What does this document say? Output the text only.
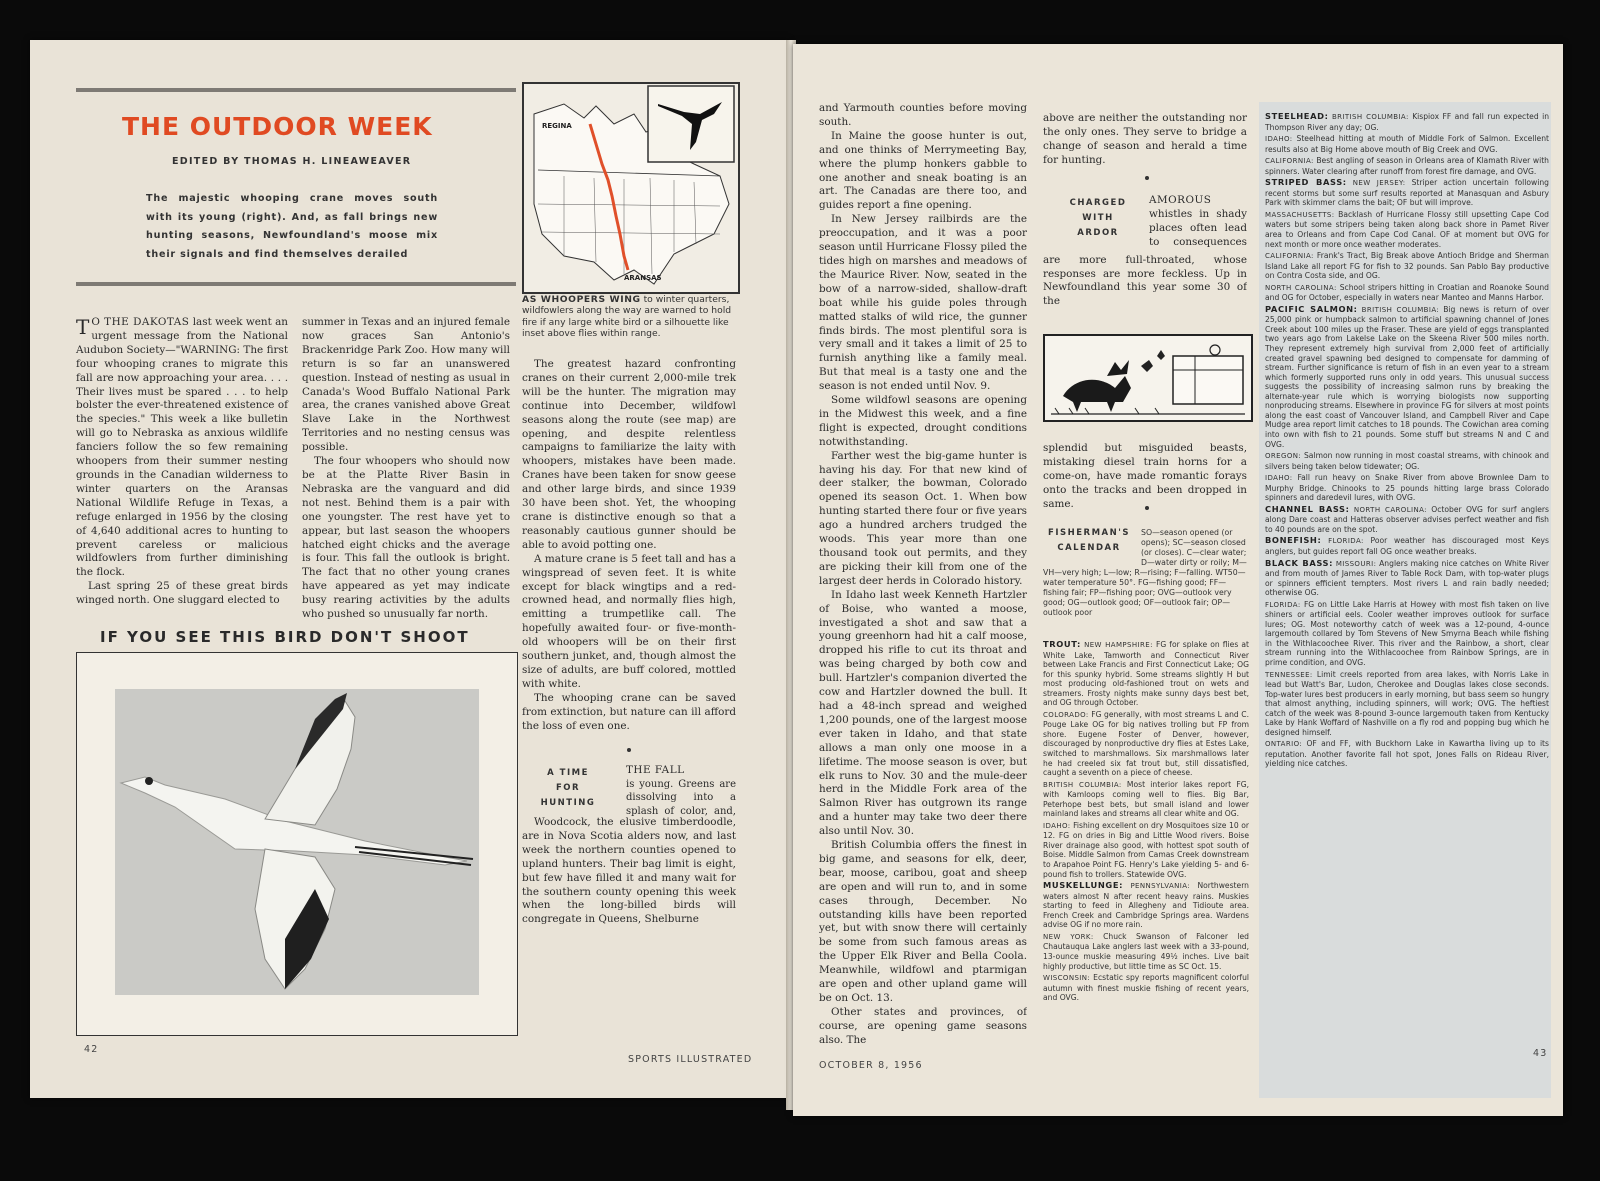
THE OUTDOOR WEEK
EDITED BY THOMAS H. LINEAWEAVER
The majestic whooping crane moves south with its young (right). And, as fall brings new hunting seasons, Newfoundland's moose mix their signals and find themselves derailed
REGINA
ARANSAS
AS WHOOPERS WING to winter quarters, wildfowlers along the way are warned to hold fire if any large white bird or a silhouette like inset above flies within range.

T O THE DAKOTAS last week went an urgent message from the National Audubon Society—"WARNING: The first four whooping cranes to migrate this fall are now approaching your area. . . . Their lives must be spared . . . to help bolster the ever-threatened existence of the species." This week a like bulletin will go to Nebraska as anxious wildlife fanciers follow the so few remaining whoopers from their summer nesting grounds in the Canadian wilderness to winter quarters on the Aransas National Wildlife Refuge in Texas, a refuge enlarged in 1956 by the closing of 4,640 additional acres to hunting to prevent careless or malicious wildfowlers from further diminishing the flock.

Last spring 25 of these great birds winged north. One sluggard elected to

summer in Texas and an injured female now graces San Antonio's Brackenridge Park Zoo. How many will return is so far an unanswered question. Instead of nesting as usual in Canada's Wood Buffalo National Park area, the cranes vanished above Great Slave Lake in the Northwest Territories and no nesting census was possible.

The four whoopers who should now be at the Platte River Basin in Nebraska are the vanguard and did not nest. Behind them is a pair with one youngster. The rest have yet to appear, but last season the whoopers hatched eight chicks and the average is four. This fall the outlook is bright. The fact that no other young cranes have appeared as yet may indicate busy rearing activities by the adults who pushed so unusually far north.

IF YOU SEE THIS BIRD DON'T SHOOT

The greatest hazard confronting cranes on their current 2,000-mile trek will be the hunter. The migration may continue into December, wildfowl seasons along the route (see map) are opening, and despite relentless campaigns to familiarize the laity with whoopers, mistakes have been made. Cranes have been taken for snow geese and other large birds, and since 1939 30 have been shot. Yet, the whooping crane is distinctive enough so that a reasonably cautious gunner should be able to avoid potting one.

A mature crane is 5 feet tall and has a wingspread of seven feet. It is white except for black wingtips and a red-crowned head, and normally flies high, emitting a trumpetlike call. The hopefully awaited four- or five-month-old whoopers will be on their first southern junket, and, though almost the size of adults, are buff colored, mottled with white.

The whooping crane can be saved from extinction, but nature can ill afford the loss of even one.

A TIME FOR HUNTING

THE FALL

is young. Greens are dissolving into a splash of color, and,

Woodcock, the elusive timberdoodle, are in Nova Scotia alders now, and last week the northern counties opened to upland hunters. Their bag limit is eight, but few have filled it and many wait for the southern county opening this week when the long-billed birds will congregate in Queens, Shelburne

42
SPORTS ILLUSTRATED

and Yarmouth counties before moving south.

In Maine the goose hunter is out, and one thinks of Merrymeeting Bay, where the plump honkers gabble to one another and sneak boating is an art. The Canadas are there too, and guides report a fine opening.

In New Jersey railbirds are the preoccupation, and it was a poor season until Hurricane Flossy piled the tides high on marshes and meadows of the Maurice River. Now, seated in the bow of a narrow-sided, shallow-draft boat while his guide poles through matted stalks of wild rice, the gunner finds birds. The most plentiful sora is very small and it takes a limit of 25 to furnish anything like a family meal. But that meal is a tasty one and the season is not ended until Nov. 9.

Some wildfowl seasons are opening in the Midwest this week, and a fine flight is expected, drought conditions notwithstanding.

Farther west the big-game hunter is having his day. For that new kind of deer stalker, the bowman, Colorado opened its season Oct. 1. When bow hunting started there four or five years ago a hundred archers trudged the woods. This year more than one thousand took out permits, and they are picking their kill from one of the largest deer herds in Colorado history.

In Idaho last week Kenneth Hartzler of Boise, who wanted a moose, investigated a shot and saw that a young greenhorn had hit a calf moose, dropped his rifle to cut its throat and was being charged by both cow and bull. Hartzler's companion diverted the cow and Hartzler downed the bull. It had a 48-inch spread and weighed 1,200 pounds, one of the largest moose ever taken in Idaho, and that state allows a man only one moose in a lifetime. The moose season is over, but elk runs to Nov. 30 and the mule-deer herd in the Middle Fork area of the Salmon River has outgrown its range and a hunter may take two deer there also until Nov. 30.

British Columbia offers the finest in big game, and seasons for elk, deer, bear, moose, caribou, goat and sheep are open and will run to, and in some cases through, December. No outstanding kills have been reported yet, but with snow there will certainly be some from such famous areas as the Upper Elk River and Bella Coola. Meanwhile, wildfowl and ptarmigan are open and other upland game will be on Oct. 13.

Other states and provinces, of course, are opening game seasons also. The

above are neither the outstanding nor the only ones. They serve to bridge a change of season and herald a time for hunting.

CHARGED WITH ARDOR

AMOROUS whistles in shady places often lead to consequences

are more full-throated, whose responses are more feckless. Up in Newfoundland this year some 30 of the

splendid but misguided beasts, mistaking diesel train horns for a come-on, have made romantic forays onto the tracks and been dropped in same.

FISHERMAN'S CALENDAR
SO—season opened (or opens); SC—season closed (or closes). C—clear water; D—water dirty or roily; M—
VH—very high; L—low; R—rising; F—falling. WT50—water temperature 50°. FG—fishing good; FF—fishing fair; FP—fishing poor; OVG—outlook very good; OG—outlook good; OF—outlook fair; OP—outlook poor

TROUT: NEW HAMPSHIRE: FG for splake on flies at White Lake, Tamworth and Connecticut River between Lake Francis and First Connecticut Lake; OG for this spunky hybrid. Some streams slightly H but most producing old-fashioned trout on wets and streamers. Frosty nights make sunny days best bet, and OG through October.

COLORADO: FG generally, with most streams L and C. Pouge Lake OG for big natives trolling but FP from shore. Eugene Foster of Denver, however, discouraged by nonproductive dry flies at Estes Lake, switched to marshmallows. Six marshmallows later he had creeled six fat trout but, still dissatisfied, caught a seventh on a piece of cheese.

BRITISH COLUMBIA: Most interior lakes report FG, with Kamloops coming well to flies. Big Bar, Peterhope best bets, but small island and lower mainland lakes and streams all clear white and OG.

IDAHO: Fishing excellent on dry Mosquitoes size 10 or 12. FG on dries in Big and Little Wood rivers. Boise River drainage also good, with hottest spot south of Boise. Middle Salmon from Camas Creek downstream to Arapahoe Point FG. Henry's Lake yielding 5- and 6-pound fish to trollers. Statewide OVG.

MUSKELLUNGE: PENNSYLVANIA: Northwestern waters almost N after recent heavy rains. Muskies starting to feed in Allegheny and Tidioute area. French Creek and Cambridge Springs area. Wardens advise OG if no more rain.

NEW YORK: Chuck Swanson of Falconer led Chautauqua Lake anglers last week with a 33-pound, 13-ounce muskie measuring 49½ inches. Live bait highly productive, but little time as SC Oct. 15.

WISCONSIN: Ecstatic spy reports magnificent colorful autumn with finest muskie fishing of recent years, and OVG.

STEELHEAD: BRITISH COLUMBIA: Kispiox FF and fall run expected in Thompson River any day; OG.

IDAHO: Steelhead hitting at mouth of Middle Fork of Salmon. Excellent results also at Big Home above mouth of Big Creek and OVG.

CALIFORNIA: Best angling of season in Orleans area of Klamath River with spinners. Water clearing after runoff from forest fire damage, and OVG.

STRIPED BASS: NEW JERSEY: Striper action uncertain following recent storms but some surf results reported at Manasquan and Asbury Park with skimmer clams the bait; OF but will improve.

MASSACHUSETTS: Backlash of Hurricane Flossy still upsetting Cape Cod waters but some stripers being taken along back shore in Pamet River area to Orleans and from Cape Cod Canal. OF at moment but OVG for next month or more once weather moderates.

CALIFORNIA: Frank's Tract, Big Break above Antioch Bridge and Sherman Island Lake all report FG for fish to 32 pounds. San Pablo Bay productive on Contra Costa side, and OG.

NORTH CAROLINA: School stripers hitting in Croatian and Roanoke Sound and OG for October, especially in waters near Manteo and Manns Harbor.

PACIFIC SALMON: BRITISH COLUMBIA: Big news is return of over 25,000 pink or humpback salmon to artificial spawning channel of Jones Creek about 100 miles up the Fraser. These are yield of eggs transplanted two years ago from Lakelse Lake on the Skeena River 500 miles north. They represent extremely high survival from 2,000 feet of artificially created gravel spawning bed designed to compensate for damming of stream. Further significance is return of fish in an even year to a stream which formerly supported runs only in odd years. This unusual success suggests the possibility of increasing salmon runs by breaking the alternate-year rule which is worrying biologists now supporting nonproducing streams. Elsewhere in province FG for silvers at most points along the east coast of Vancouver Island, and Campbell River and Cape Mudge area report limit catches to 18 pounds. The Cowichan area coming into own with fish to 21 pounds. Some stuff but streams N and C and OVG.

OREGON: Salmon now running in most coastal streams, with chinook and silvers being taken below tidewater; OG.

IDAHO: Fall run heavy on Snake River from above Brownlee Dam to Murphy Bridge. Chinooks to 25 pounds hitting large brass Colorado spinners and daredevil lures, with OVG.

CHANNEL BASS: NORTH CAROLINA: October OVG for surf anglers along Dare coast and Hatteras observer advises perfect weather and fish to 40 pounds are on the spot.

BONEFISH: FLORIDA: Poor weather has discouraged most Keys anglers, but guides report fall OG once weather breaks.

BLACK BASS: MISSOURI: Anglers making nice catches on White River and from mouth of James River to Table Rock Dam, with top-water plugs or spinners efficient tempters. Most rivers L and rain badly needed; otherwise OG.

FLORIDA: FG on Little Lake Harris at Howey with most fish taken on live shiners or artificial eels. Cooler weather improves outlook for surface lures; OG. Most noteworthy catch of week was a 12-pound, 4-ounce largemouth collared by Tom Stevens of New Smyrna Beach while fishing in the Withlacoochee River. This river and the Rainbow, a short, clear stream running into the Withlacoochee from Rainbow Springs, are in prime condition, and OVG.

TENNESSEE: Limit creels reported from area lakes, with Norris Lake in lead but Watt's Bar, Ludon, Cherokee and Douglas lakes close seconds. Top-water lures best producers in early morning, but bass seem so hungry that almost anything, including spinners, will work; OVG. The heftiest catch of the week was 8-pound 3-ounce largemouth taken from Kentucky Lake by Hank Woffard of Nashville on a fly rod and popping bug which he designed himself.

ONTARIO: OF and FF, with Buckhorn Lake in Kawartha living up to its reputation. Another favorite fall hot spot, Jones Falls on Rideau River, yielding nice catches.

OCTOBER 8, 1956
43
